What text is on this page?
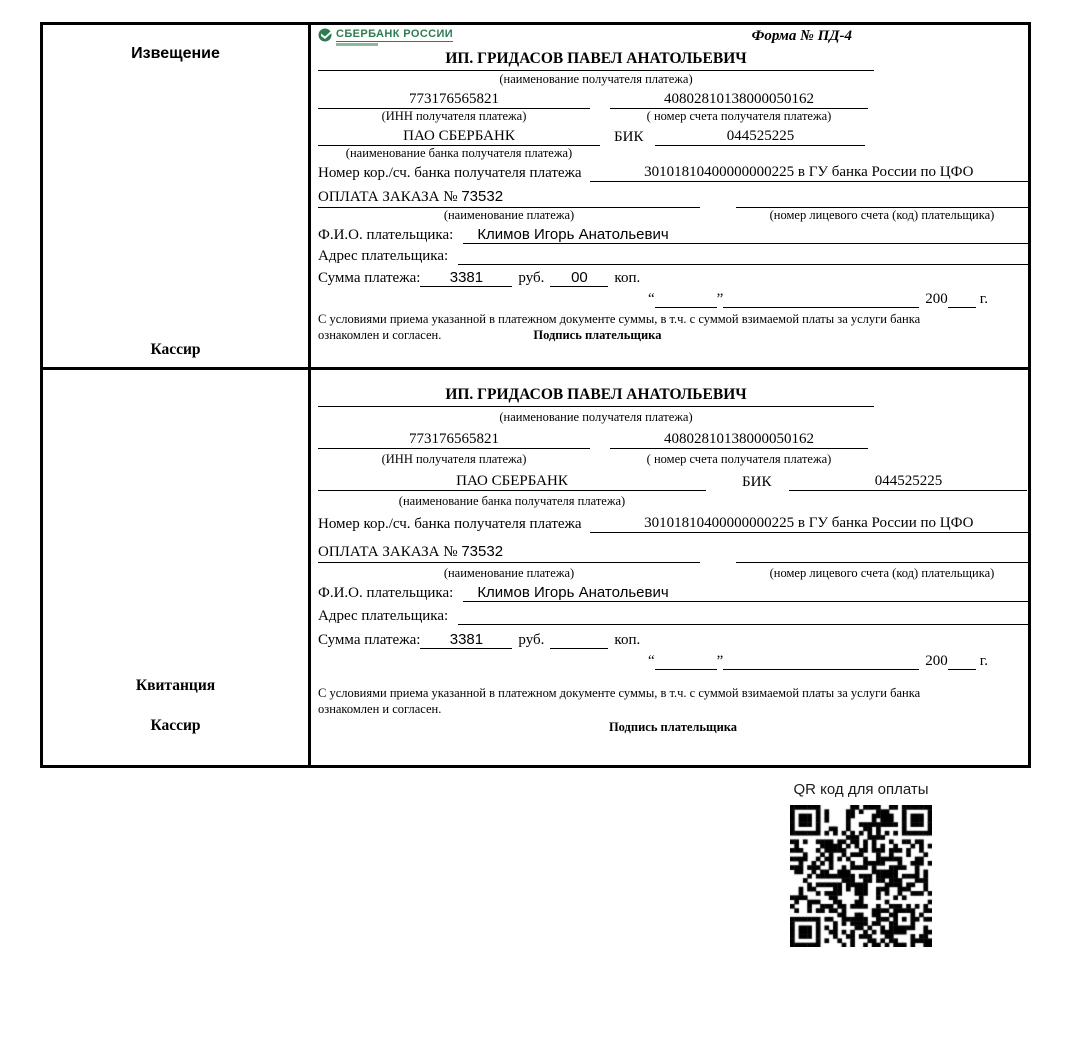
Извещение
Кассир
СБЕРБАНК РОССИИ	Форма № ПД-4
ИП. ГРИДАСОВ ПАВЕЛ АНАТОЛЬЕВИЧ
(наименование получателя платежа)
773176565821	40802810138000050162
(ИНН получателя платежа)	( номер счета получателя платежа)
ПАО СБЕРБАНК	БИК	044525225
(наименование банка получателя платежа)
Номер кор./сч. банка получателя платежа	30101810400000000225 в ГУ банка России по ЦФО
ОПЛАТА ЗАКАЗА № 73532
(наименование платежа)	(номер лицевого счета (код) плательщика)
Ф.И.О. плательщика:	Климов Игорь Анатольевич
Адрес плательщика:
Сумма платежа:	3381	руб.	00	коп.
“	”	200 г.
С условиями приема указанной в платежном документе суммы, в т.ч. с суммой взимаемой платы за услуги банка
ознакомлен и согласен.	Подпись плательщика
Квитанция
Кассир
ИП. ГРИДАСОВ ПАВЕЛ АНАТОЛЬЕВИЧ
(наименование получателя платежа)
773176565821	40802810138000050162
(ИНН получателя платежа)	( номер счета получателя платежа)
ПАО СБЕРБАНК	БИК	044525225
(наименование банка получателя платежа)
Номер кор./сч. банка получателя платежа	30101810400000000225 в ГУ банка России по ЦФО
ОПЛАТА ЗАКАЗА № 73532
(наименование платежа)	(номер лицевого счета (код) плательщика)
Ф.И.О. плательщика:	Климов Игорь Анатольевич
Адрес плательщика:
Сумма платежа:	3381	руб.	коп.
“	”	200 г.
С условиями приема указанной в платежном документе суммы, в т.ч. с суммой взимаемой платы за услуги банка
ознакомлен и согласен.
Подпись плательщика
QR код для оплаты
